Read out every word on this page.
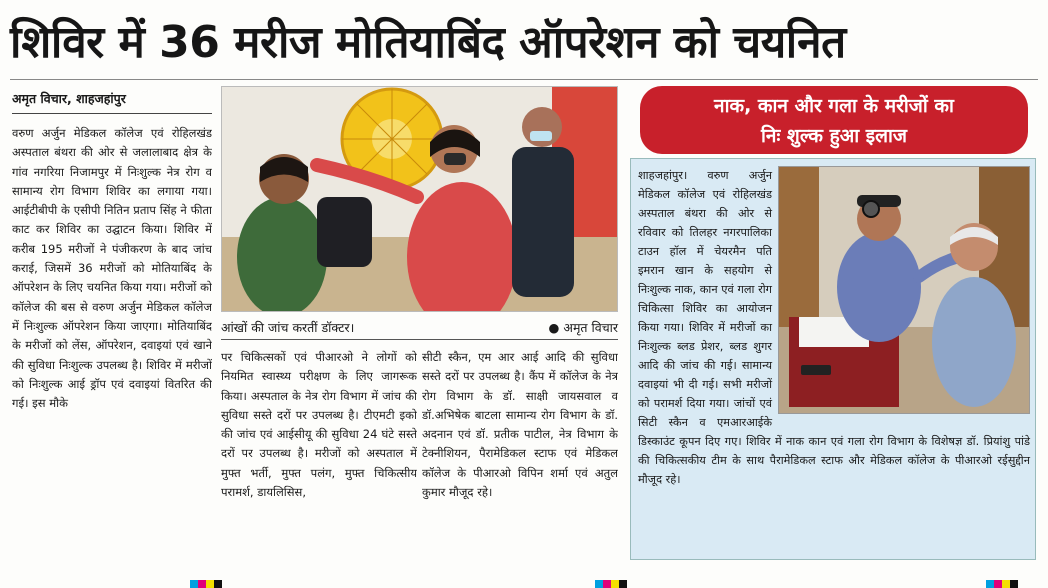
शिविर में 36 मरीज मोतियाबिंद ऑपरेशन को चयनित
अमृत विचार, शाहजहांपुर

वरुण अर्जुन मेडिकल कॉलेज एवं रोहिलखंड अस्पताल बंथरा की ओर से जलालाबाद क्षेत्र के गांव नगरिया निजामपुर में निःशुल्क नेत्र रोग व सामान्य रोग विभाग शिविर का लगाया गया। आईटीबीपी के एसीपी नितिन प्रताप सिंह ने फीता काट कर शिविर का उद्घाटन किया। शिविर में करीब 195 मरीजों ने पंजीकरण के बाद जांच कराई, जिसमें 36 मरीजों को मोतियाबिंद के ऑपरेशन के लिए चयनित किया गया। मरीजों को कॉलेज की बस से वरुण अर्जुन मेडिकल कॉलेज में निःशुल्क ऑपरेशन किया जाएगा। मोतियाबिंद के मरीजों को लेंस, ऑपरेशन, दवाइयां एवं खाने की सुविधा निःशुल्क उपलब्ध है। शिविर में मरीजों को निःशुल्क आई ड्रॉप एवं दवाइयां वितरित की गई। इस मौके

आंखों की जांच करतीं डॉक्टर।	● अमृत विचार

पर चिकित्सकों एवं पीआरओ ने लोगों को नियमित स्वास्थ्य परीक्षण के लिए जागरूक किया। अस्पताल के नेत्र रोग विभाग में जांच की सुविधा सस्ते दरों पर उपलब्ध है। टीएमटी इको की जांच एवं आईसीयू की सुविधा 24 घंटे सस्ते दरों पर उपलब्ध है। मरीजों को अस्पताल में मुफ्त भर्ती, मुफ्त पलंग, मुफ्त चिकित्सीय परामर्श, डायलिसिस,

सीटी स्कैन, एम आर आई आदि की सुविधा सस्ते दरों पर उपलब्ध है। कैंप में कॉलेज के नेत्र रोग विभाग के डॉ. साक्षी जायसवाल व डॉ.अभिषेक बाटला सामान्य रोग विभाग के डॉ. अदनान एवं डॉ. प्रतीक पाटील, नेत्र विभाग के टेक्नीशियन, पैरामेडिकल स्टाफ एवं मेडिकल कॉलेज के पीआरओ विपिन शर्मा एवं अतुल कुमार मौजूद रहे।

नाक, कान और गला के मरीजों का
निः शुल्क हुआ इलाज
शाहजहांपुर। वरुण अर्जुन मेडिकल कॉलेज एवं रोहिलखंड अस्पताल बंथरा की ओर से रविवार को तिलहर नगरपालिका टाउन हॉल में चेयरमैन पति इमरान खान के सहयोग से निःशुल्क नाक, कान एवं गला रोग चिकित्सा शिविर का आयोजन किया गया। शिविर में मरीजों का निःशुल्क ब्लड प्रेशर, ब्लड शुगर आदि की जांच की गई। सामान्य दवाइयां भी दी गई। सभी मरीजों को परामर्श दिया गया। जांचों एवं सिटी स्कैन व एमआरआईके डिस्काउंट कूपन दिए गए। शिविर में नाक कान एवं गला रोग विभाग के विशेषज्ञ डॉ. प्रियांशु पांडे की चिकित्सकीय टीम के साथ पैरामेडिकल स्टाफ और मेडिकल कॉलेज के पीआरओ रईसुद्दीन मौजूद रहे।
